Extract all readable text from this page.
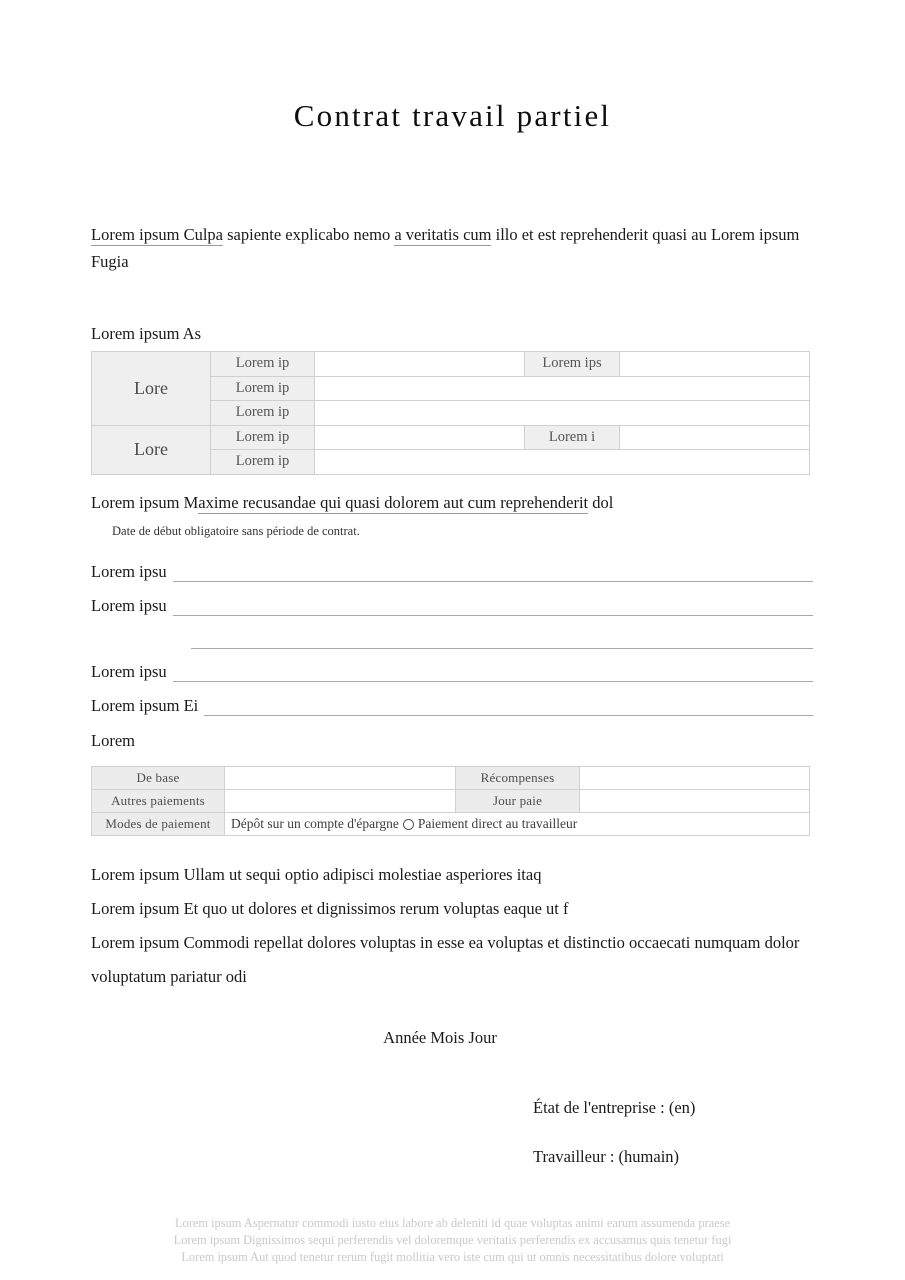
Contrat travail partiel
Lorem ipsum Culpa sapiente explicabo nemo a veritatis cum illo et est reprehenderit quasi au Lorem ipsum Fugia
Lorem ipsum As
Lore	Lorem ip		Lorem ips	
	Lorem ip			
	Lorem ip			
Lore	Lorem ip		Lorem i	
	Lorem ip			
Lorem ipsum Maxime recusandae qui quasi dolorem aut cum reprehenderit dol
Date de début obligatoire sans période de contrat.
Lorem ipsu
Lorem ipsu
Lorem ipsu
Lorem ipsum Ei
Lorem
De base		Récompenses	
Autres paiements		Jour paie	
Modes de paiement	Dépôt sur un compte d'épargne Paiement direct au travailleur		
Lorem ipsum Ullam ut sequi optio adipisci molestiae asperiores itaq
Lorem ipsum Et quo ut dolores et dignissimos rerum voluptas eaque ut f
Lorem ipsum Commodi repellat dolores voluptas in esse ea voluptas et distinctio occaecati numquam dolor voluptatum pariatur odi
Année Mois Jour
État de l'entreprise : (en)
Travailleur : (humain)
Lorem ipsum Aspernatur commodi iusto eius labore ab deleniti id quae voluptas animi earum assumenda praese
Lorem ipsum Dignissimos sequi perferendis vel doloremque veritatis perferendis ex accusamus quis tenetur fugi
Lorem ipsum Aut quod tenetur rerum fugit mollitia vero iste cum qui ut omnis necessitatibus dolore voluptati
